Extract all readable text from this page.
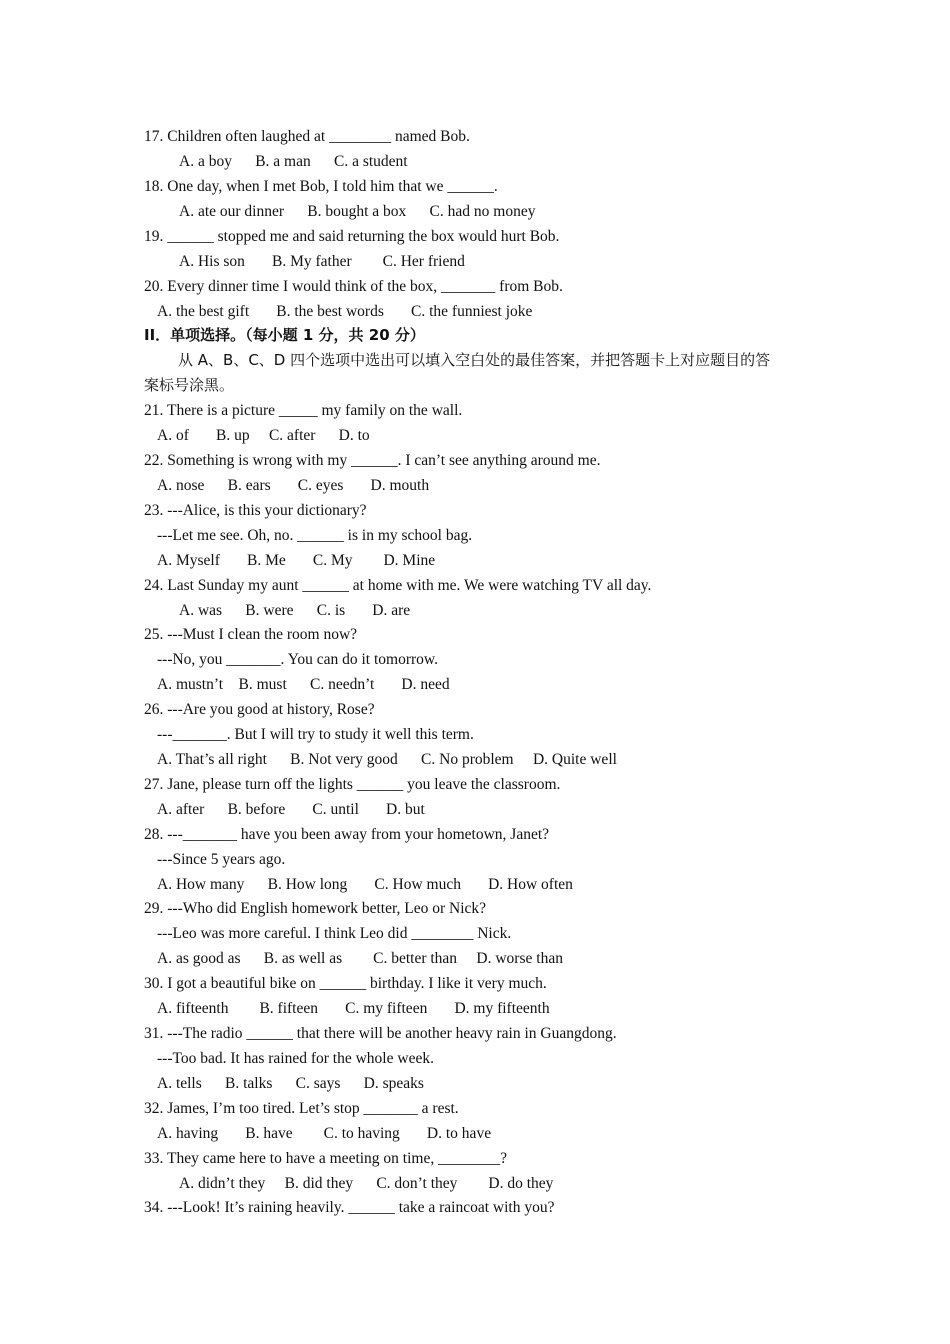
17. Children often laughed at ________ named Bob.
A. a boy      B. a man      C. a student
18. One day, when I met Bob, I told him that we ______.
A. ate our dinner      B. bought a box      C. had no money
19. ______ stopped me and said returning the box would hurt Bob.
A. His son       B. My father        C. Her friend
20. Every dinner time I would think of the box, _______ from Bob.
A. the best gift       B. the best words       C. the funniest joke
II．单项选择。（每小题 1 分，共 20 分）
从 A、B、C、D 四个选项中选出可以填入空白处的最佳答案，并把答题卡上对应题目的答
案标号涂黑。
21. There is a picture _____ my family on the wall.
A. of       B. up     C. after      D. to
22. Something is wrong with my ______. I can’t see anything around me.
A. nose      B. ears       C. eyes       D. mouth
23. ---Alice, is this your dictionary?
---Let me see. Oh, no. ______ is in my school bag.
A. Myself       B. Me       C. My        D. Mine
24. Last Sunday my aunt ______ at home with me. We were watching TV all day.
A. was      B. were      C. is       D. are
25. ---Must I clean the room now?
---No, you _______. You can do it tomorrow.
A. mustn’t    B. must      C. needn’t       D. need
26. ---Are you good at history, Rose?
---_______. But I will try to study it well this term.
A. That’s all right      B. Not very good      C. No problem     D. Quite well
27. Jane, please turn off the lights ______ you leave the classroom.
A. after      B. before       C. until       D. but
28. ---_______ have you been away from your hometown, Janet?
---Since 5 years ago.
A. How many      B. How long       C. How much       D. How often
29. ---Who did English homework better, Leo or Nick?
---Leo was more careful. I think Leo did ________ Nick.
A. as good as      B. as well as        C. better than     D. worse than
30. I got a beautiful bike on ______ birthday. I like it very much.
A. fifteenth        B. fifteen       C. my fifteen       D. my fifteenth
31. ---The radio ______ that there will be another heavy rain in Guangdong.
---Too bad. It has rained for the whole week.
A. tells      B. talks      C. says      D. speaks
32. James, I’m too tired. Let’s stop _______ a rest.
A. having       B. have        C. to having       D. to have
33. They came here to have a meeting on time, ________?
A. didn’t they     B. did they      C. don’t they        D. do they
34. ---Look! It’s raining heavily. ______ take a raincoat with you?
